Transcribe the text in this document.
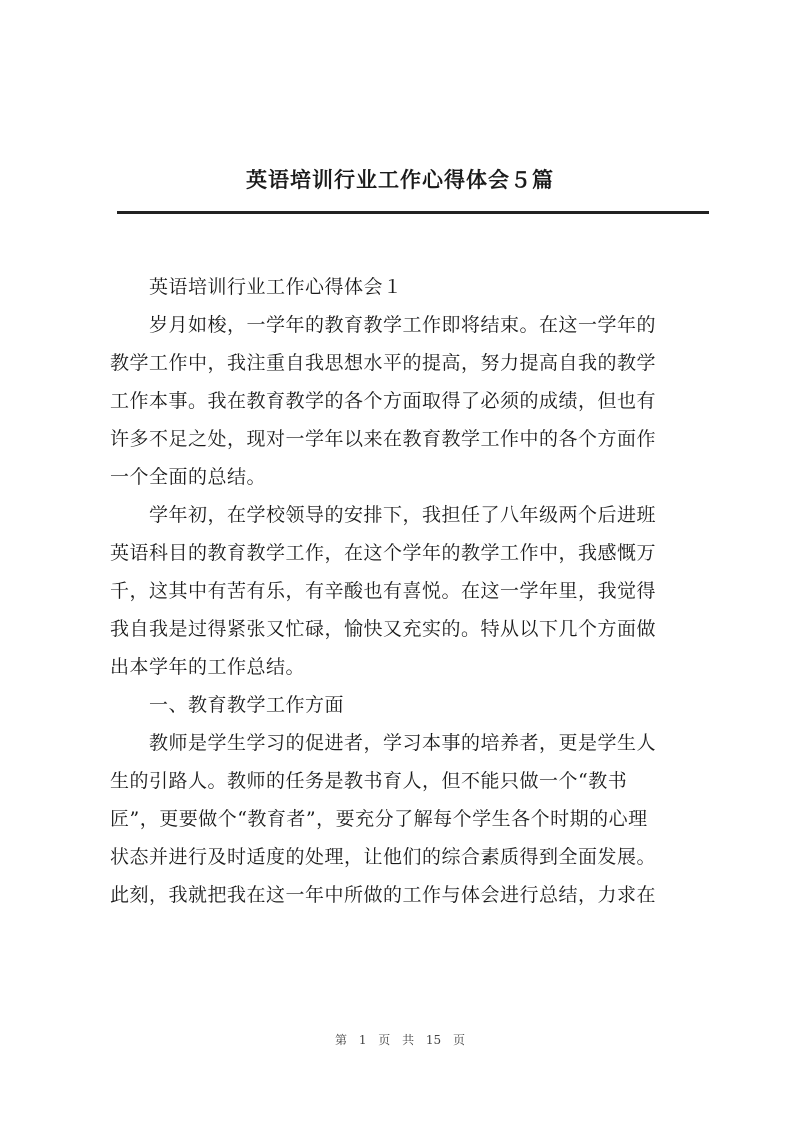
英语培训行业工作心得体会５篇
　　英语培训行业工作心得体会１
　　岁月如梭，一学年的教育教学工作即将结束。在这一学年的
教学工作中，我注重自我思想水平的提高，努力提高自我的教学
工作本事。我在教育教学的各个方面取得了必须的成绩，但也有
许多不足之处，现对一学年以来在教育教学工作中的各个方面作
一个全面的总结。
　　学年初，在学校领导的安排下，我担任了八年级两个后进班
英语科目的教育教学工作，在这个学年的教学工作中，我感慨万
千，这其中有苦有乐，有辛酸也有喜悦。在这一学年里，我觉得
我自我是过得紧张又忙碌，愉快又充实的。特从以下几个方面做
出本学年的工作总结。
　　一、教育教学工作方面
　　教师是学生学习的促进者，学习本事的培养者，更是学生人
生的引路人。教师的任务是教书育人，但不能只做一个“教书
匠”，更要做个“教育者”，要充分了解每个学生各个时期的心理
状态并进行及时适度的处理，让他们的综合素质得到全面发展。
此刻，我就把我在这一年中所做的工作与体会进行总结，力求在
第 1 页 共 15 页
